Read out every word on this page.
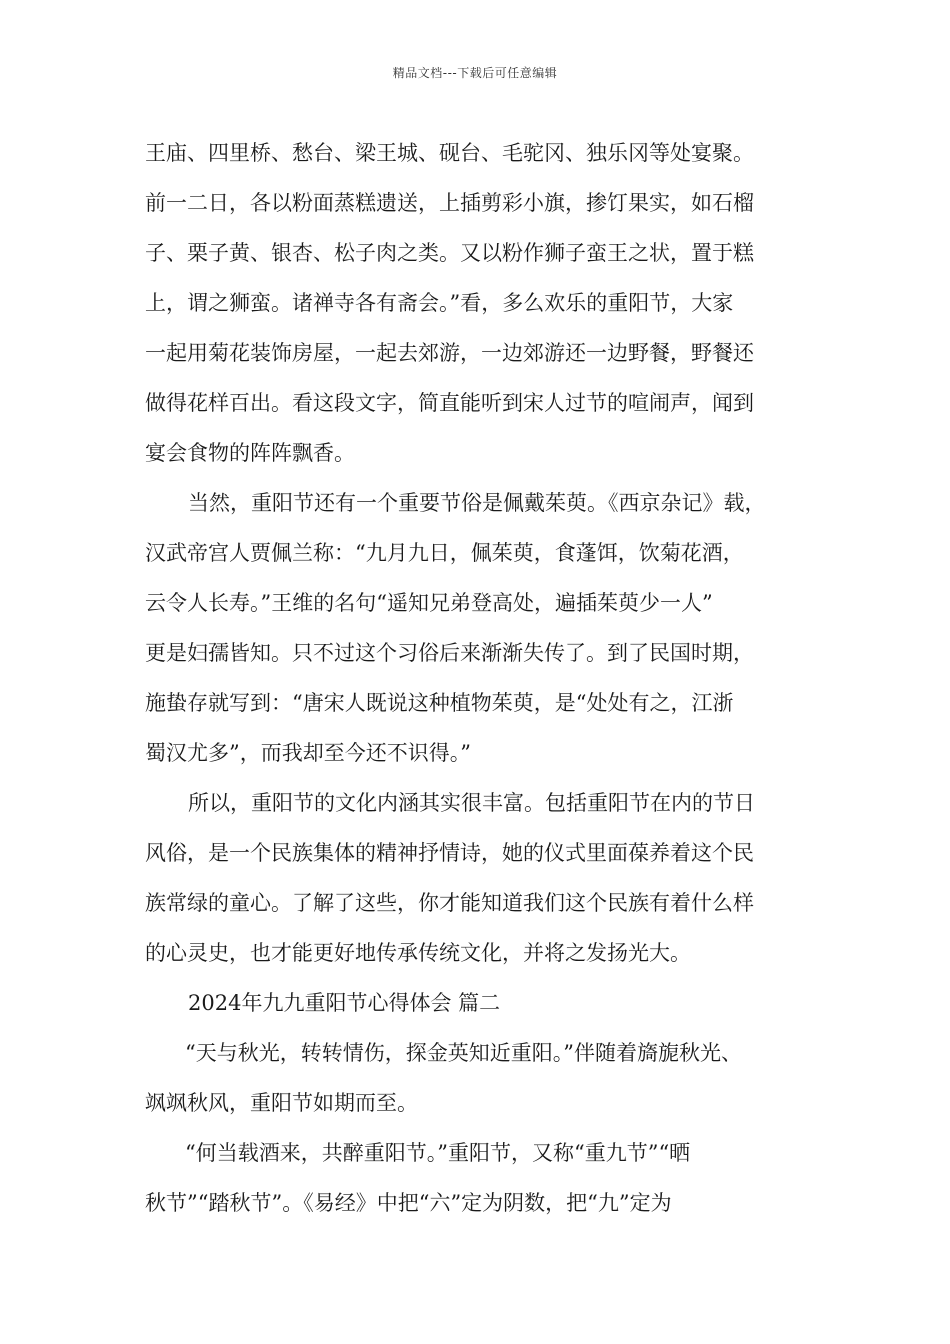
精品文档---下载后可任意编辑
王庙、四里桥、愁台、梁王城、砚台、毛驼冈、独乐冈等处宴聚。
前一二日，各以粉面蒸糕遗送，上插剪彩小旗，掺饤果实，如石榴
子、栗子黄、银杏、松子肉之类。又以粉作狮子蛮王之状，置于糕
上，谓之狮蛮。诸禅寺各有斋会。”看，多么欢乐的重阳节，大家
一起用菊花装饰房屋，一起去郊游，一边郊游还一边野餐，野餐还
做得花样百出。看这段文字，简直能听到宋人过节的喧闹声，闻到
宴会食物的阵阵飘香。
当然，重阳节还有一个重要节俗是佩戴茱萸。《西京杂记》载，
汉武帝宫人贾佩兰称：“九月九日，佩茱萸，食蓬饵，饮菊花酒，
云令人长寿。”王维的名句“遥知兄弟登高处，遍插茱萸少一人”
更是妇孺皆知。只不过这个习俗后来渐渐失传了。到了民国时期，
施蛰存就写到：“唐宋人既说这种植物茱萸，是“处处有之，江浙
蜀汉尤多”，而我却至今还不识得。”
所以，重阳节的文化内涵其实很丰富。包括重阳节在内的节日
风俗，是一个民族集体的精神抒情诗，她的仪式里面葆养着这个民
族常绿的童心。了解了这些，你才能知道我们这个民族有着什么样
的心灵史，也才能更好地传承传统文化，并将之发扬光大。
2024年九九重阳节心得体会 篇二
“天与秋光，转转情伤，探金英知近重阳。”伴随着旖旎秋光、
飒飒秋风，重阳节如期而至。
“何当载酒来，共醉重阳节。”重阳节，又称“重九节”“晒
秋节”“踏秋节”。《易经》中把“六”定为阴数，把“九”定为
